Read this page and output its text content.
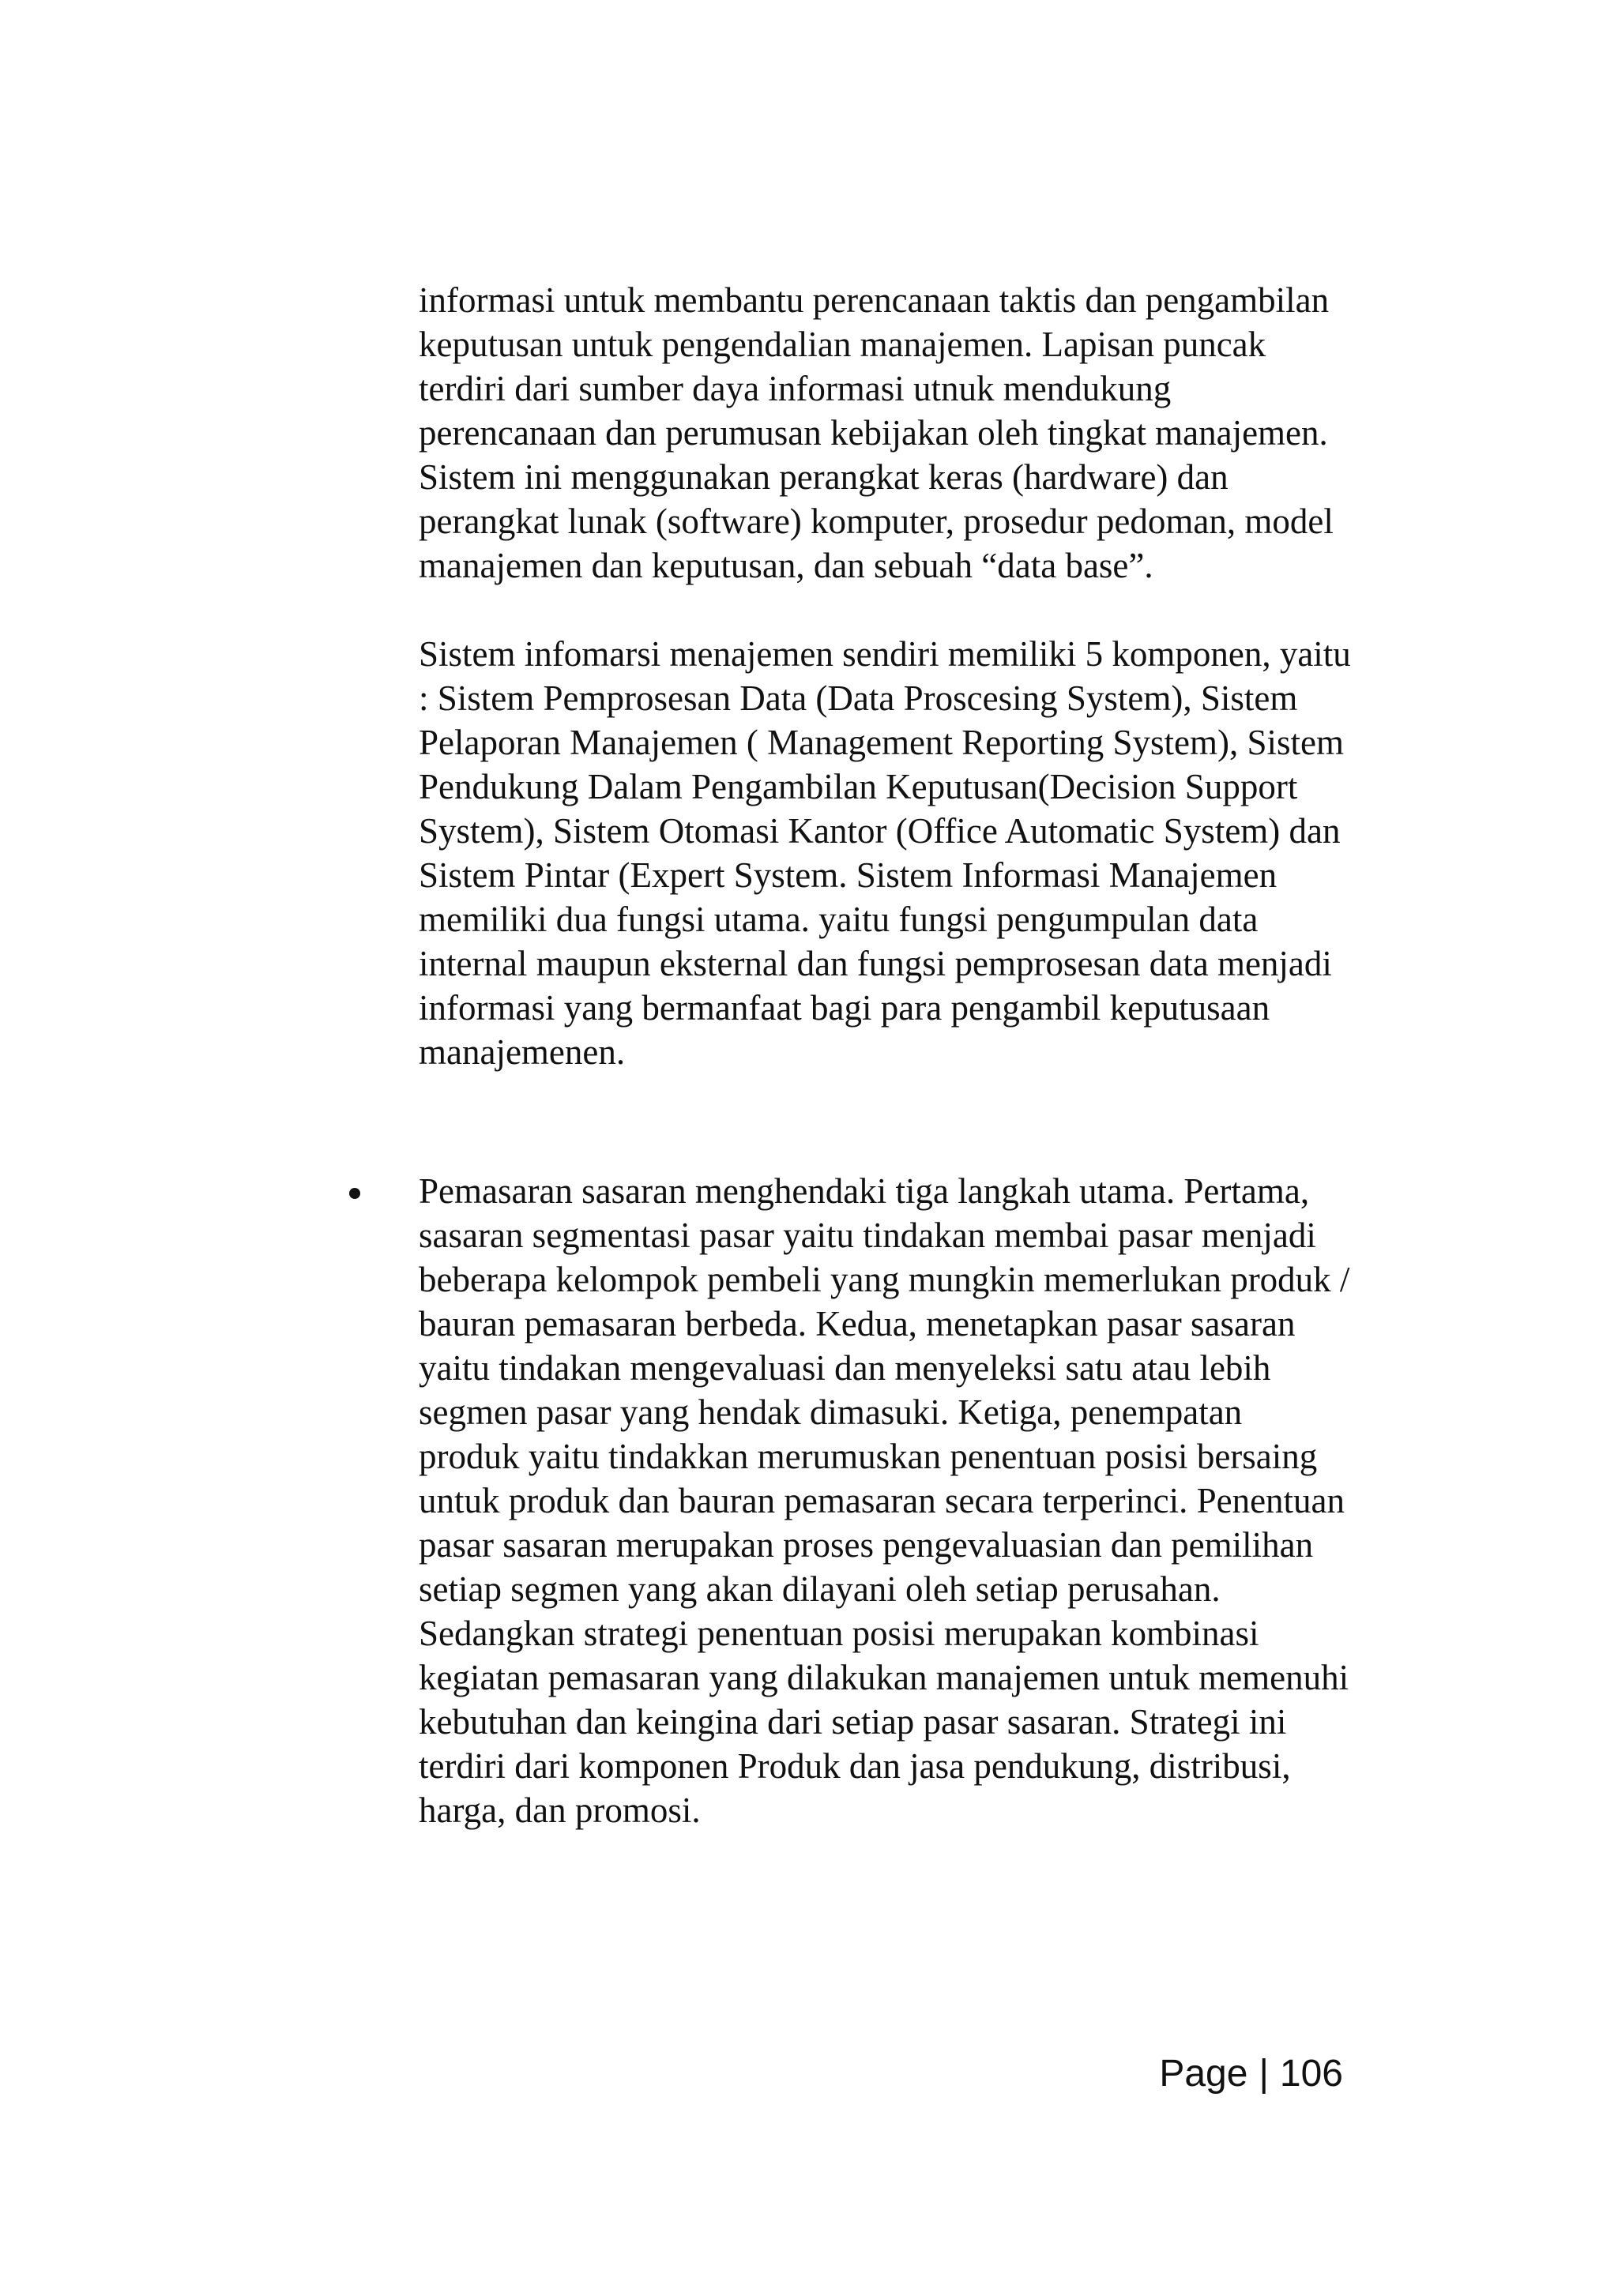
informasi untuk membantu perencanaan taktis dan pengambilan keputusan untuk pengendalian manajemen. Lapisan puncak terdiri dari sumber daya informasi utnuk mendukung perencanaan dan perumusan kebijakan oleh tingkat manajemen. Sistem ini menggunakan perangkat keras (hardware) dan perangkat lunak (software) komputer, prosedur pedoman, model manajemen dan keputusan, dan sebuah “data base”.

Sistem infomarsi menajemen sendiri memiliki 5 komponen, yaitu : Sistem Pemprosesan Data (Data Proscesing System), Sistem Pelaporan Manajemen ( Management Reporting System), Sistem Pendukung Dalam Pengambilan Keputusan(Decision Support System), Sistem Otomasi Kantor (Office Automatic System) dan Sistem Pintar (Expert System. Sistem Informasi Manajemen memiliki dua fungsi utama. yaitu fungsi pengumpulan data internal maupun eksternal dan fungsi pemprosesan data menjadi informasi yang bermanfaat bagi para pengambil keputusaan manajemenen.

Pemasaran sasaran menghendaki tiga langkah utama. Pertama, sasaran segmentasi pasar yaitu tindakan membai pasar menjadi beberapa kelompok pembeli yang mungkin memerlukan produk / bauran pemasaran berbeda. Kedua, menetapkan pasar sasaran yaitu tindakan mengevaluasi dan menyeleksi satu atau lebih segmen pasar yang hendak dimasuki. Ketiga, penempatan produk yaitu tindakkan merumuskan penentuan posisi bersaing untuk produk dan bauran pemasaran secara terperinci. Penentuan pasar sasaran merupakan proses pengevaluasian dan pemilihan setiap segmen yang akan dilayani oleh setiap perusahan. Sedangkan strategi penentuan posisi merupakan kombinasi kegiatan pemasaran yang dilakukan manajemen untuk memenuhi kebutuhan dan keingina dari setiap pasar sasaran. Strategi ini terdiri dari komponen Produk dan jasa pendukung, distribusi, harga, dan promosi.

Page | 106
